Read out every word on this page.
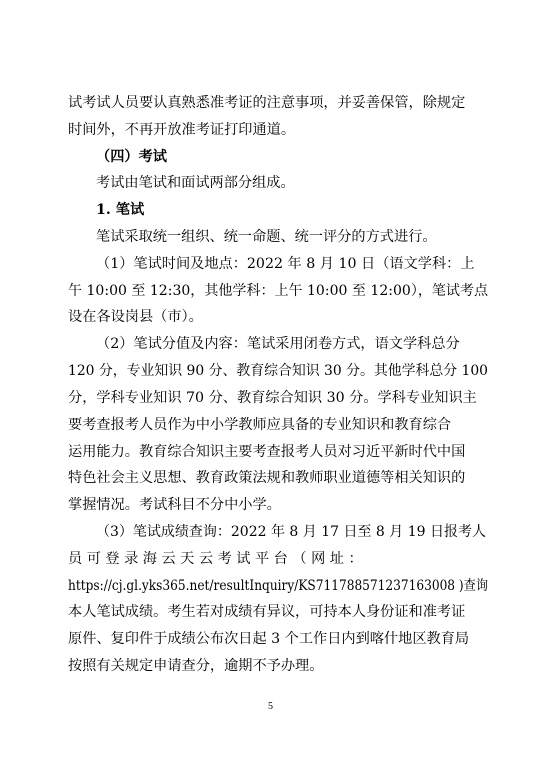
试考试人员要认真熟悉准考证的注意事项，并妥善保管，除规定
时间外，不再开放准考证打印通道。
（四）考试
考试由笔试和面试两部分组成。
1. 笔试
笔试采取统一组织、统一命题、统一评分的方式进行。
（1）笔试时间及地点：2022 年 8 月 10 日（语文学科：上
午 10:00 至 12:30，其他学科：上午 10:00 至 12:00），笔试考点
设在各设岗县（市）。
（2）笔试分值及内容：笔试采用闭卷方式，语文学科总分
120 分，专业知识 90 分、教育综合知识 30 分。其他学科总分 100
分，学科专业知识 70 分、教育综合知识 30 分。学科专业知识主
要考查报考人员作为中小学教师应具备的专业知识和教育综合
运用能力。教育综合知识主要考查报考人员对习近平新时代中国
特色社会主义思想、教育政策法规和教师职业道德等相关知识的
掌握情况。考试科目不分中小学。
（3）笔试成绩查询：2022 年 8 月 17 日至 8 月 19 日报考人
员 可 登 录 海 云 天 云 考 试 平 台 （ 网 址 ：
https://cj.gl.yks365.net/resultInquiry/KS711788571237163008 )查询
本人笔试成绩。考生若对成绩有异议，可持本人身份证和准考证
原件、复印件于成绩公布次日起 3 个工作日内到喀什地区教育局
按照有关规定申请查分，逾期不予办理。
5
